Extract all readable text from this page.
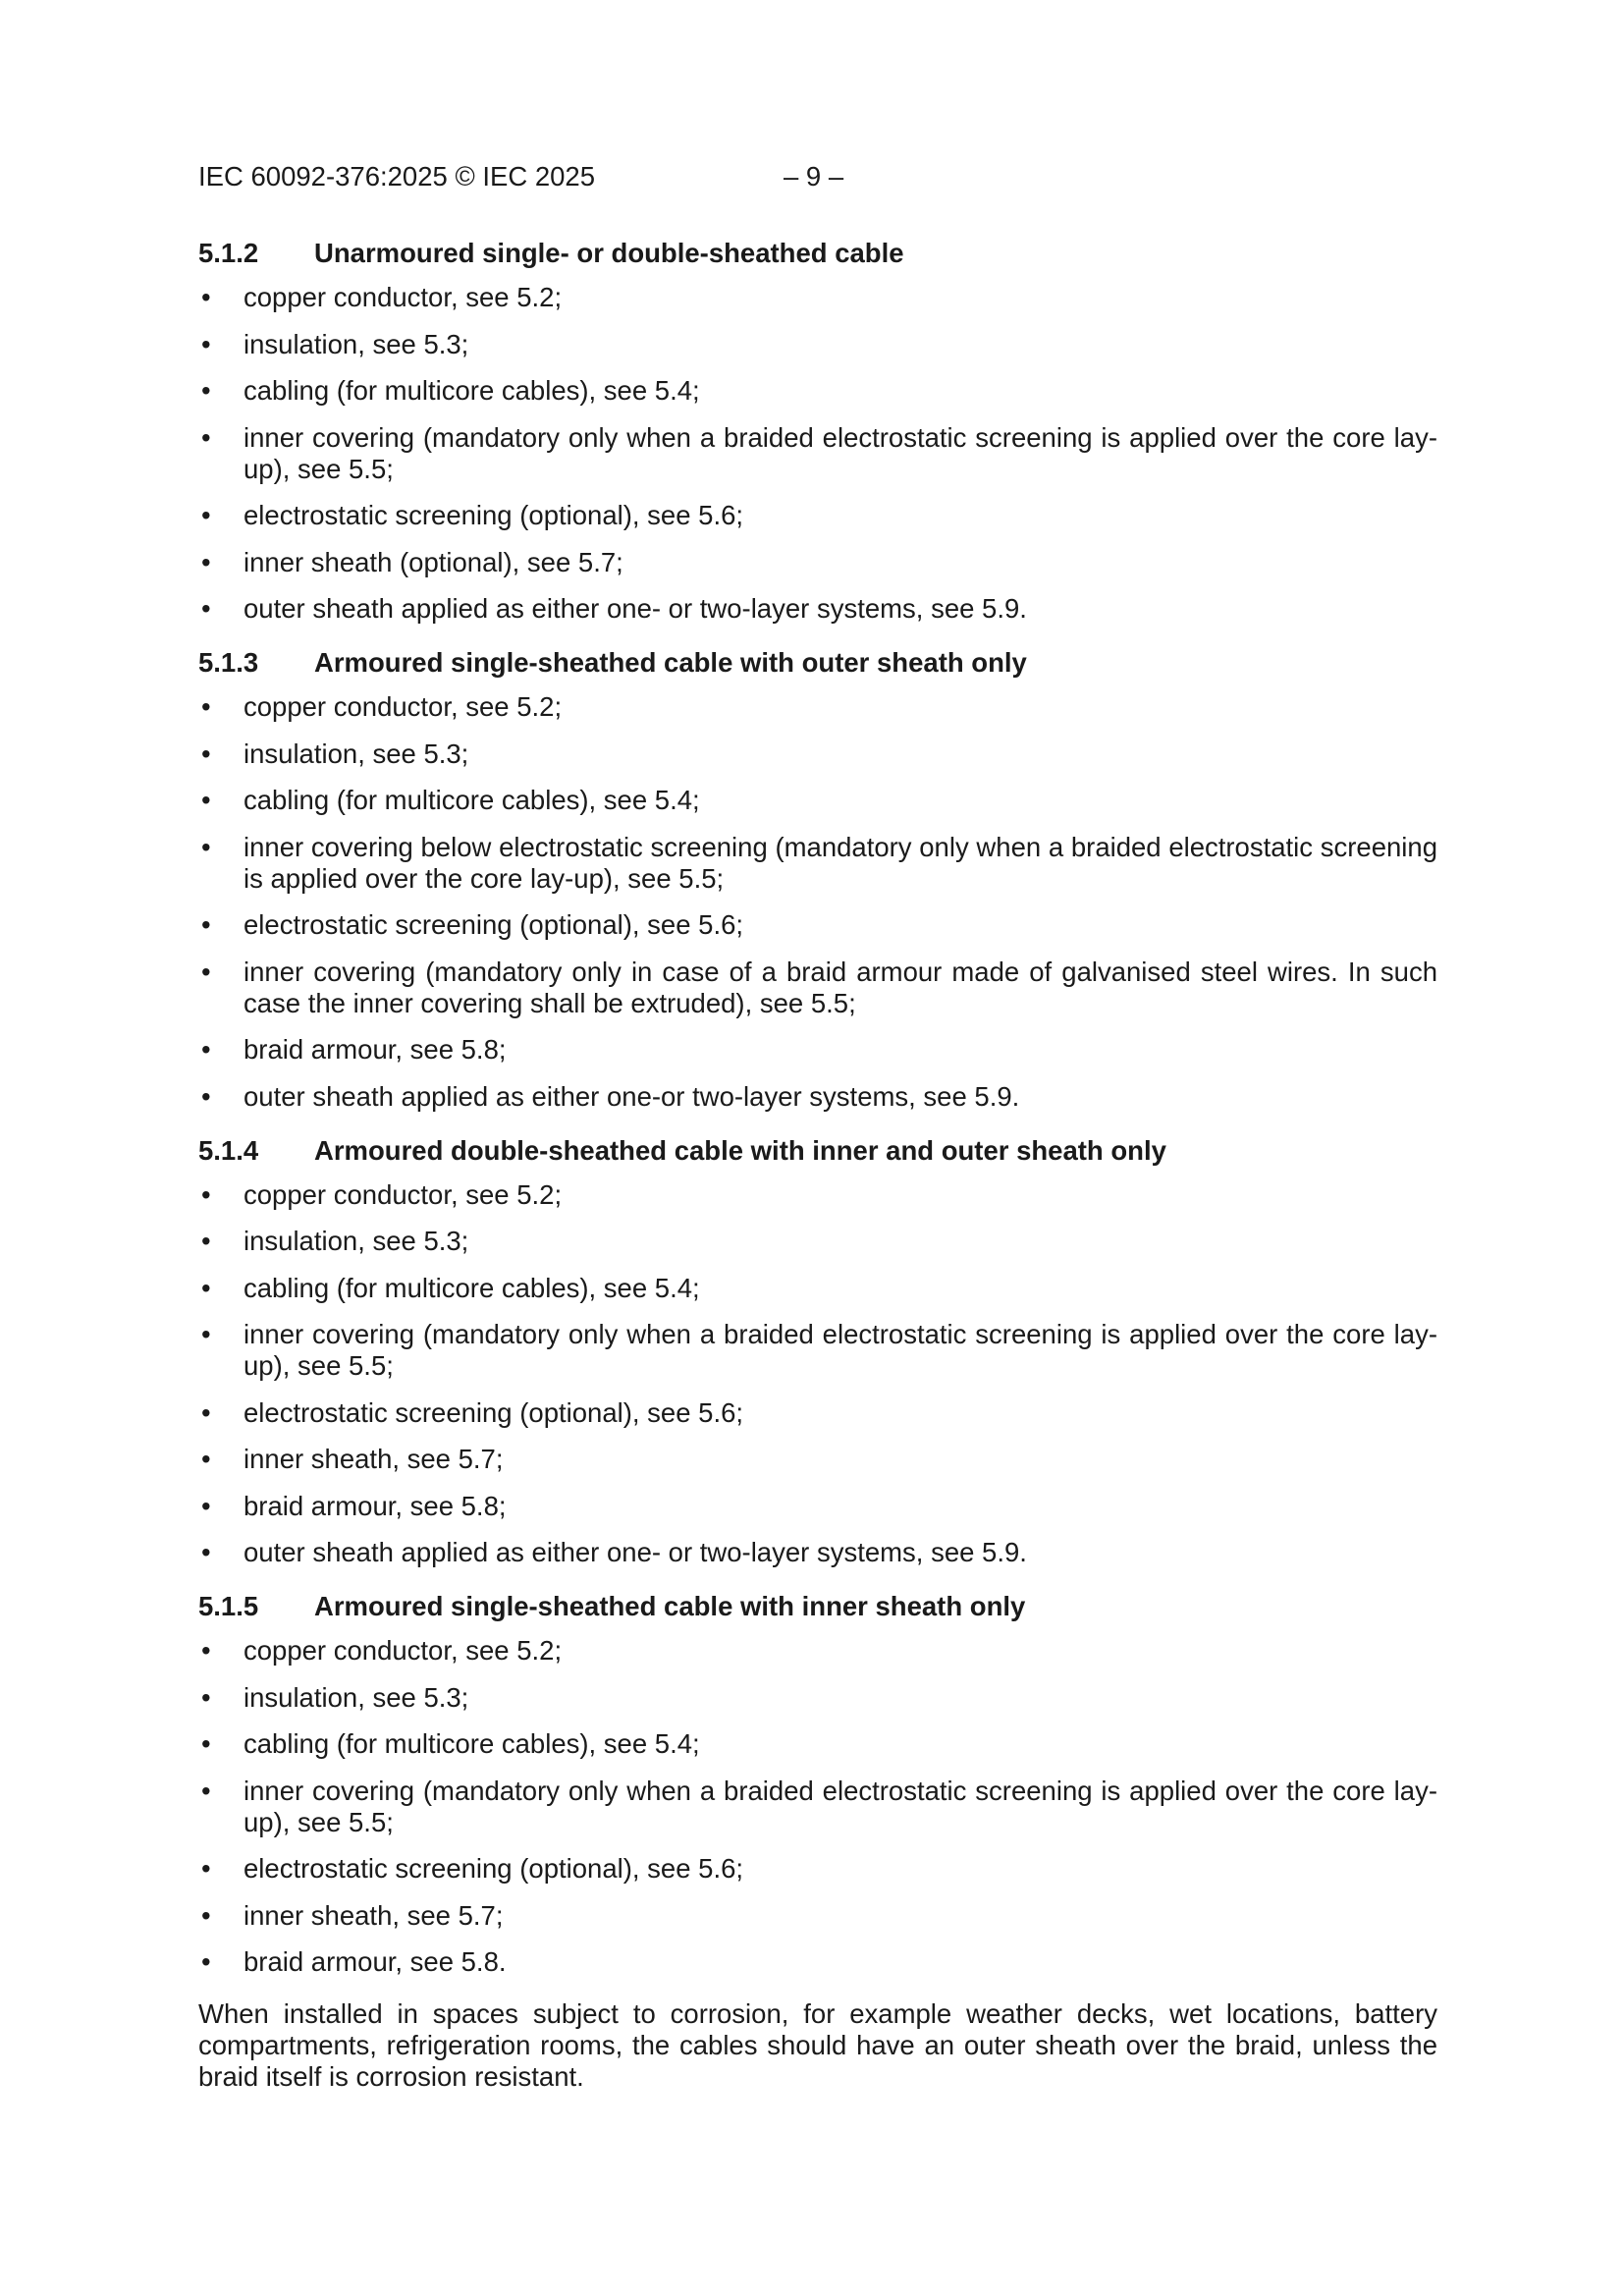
IEC 60092-376:2025 © IEC 2025	– 9 –
5.1.2 Unarmoured single- or double-sheathed cable
• copper conductor, see 5.2;
• insulation, see 5.3;
• cabling (for multicore cables), see 5.4;
• inner covering (mandatory only when a braided electrostatic screening is applied over the core lay-up), see 5.5;
• electrostatic screening (optional), see 5.6;
• inner sheath (optional), see 5.7;
• outer sheath applied as either one- or two-layer systems, see 5.9.
5.1.3 Armoured single-sheathed cable with outer sheath only
• copper conductor, see 5.2;
• insulation, see 5.3;
• cabling (for multicore cables), see 5.4;
• inner covering below electrostatic screening (mandatory only when a braided electrostatic screening is applied over the core lay-up), see 5.5;
• electrostatic screening (optional), see 5.6;
• inner covering (mandatory only in case of a braid armour made of galvanised steel wires. In such case the inner covering shall be extruded), see 5.5;
• braid armour, see 5.8;
• outer sheath applied as either one-or two-layer systems, see 5.9.
5.1.4 Armoured double-sheathed cable with inner and outer sheath only
• copper conductor, see 5.2;
• insulation, see 5.3;
• cabling (for multicore cables), see 5.4;
• inner covering (mandatory only when a braided electrostatic screening is applied over the core lay-up), see 5.5;
• electrostatic screening (optional), see 5.6;
• inner sheath, see 5.7;
• braid armour, see 5.8;
• outer sheath applied as either one- or two-layer systems, see 5.9.
5.1.5 Armoured single-sheathed cable with inner sheath only
• copper conductor, see 5.2;
• insulation, see 5.3;
• cabling (for multicore cables), see 5.4;
• inner covering (mandatory only when a braided electrostatic screening is applied over the core lay-up), see 5.5;
• electrostatic screening (optional), see 5.6;
• inner sheath, see 5.7;
• braid armour, see 5.8.

When installed in spaces subject to corrosion, for example weather decks, wet locations, battery compartments, refrigeration rooms, the cables should have an outer sheath over the braid, unless the braid itself is corrosion resistant.
